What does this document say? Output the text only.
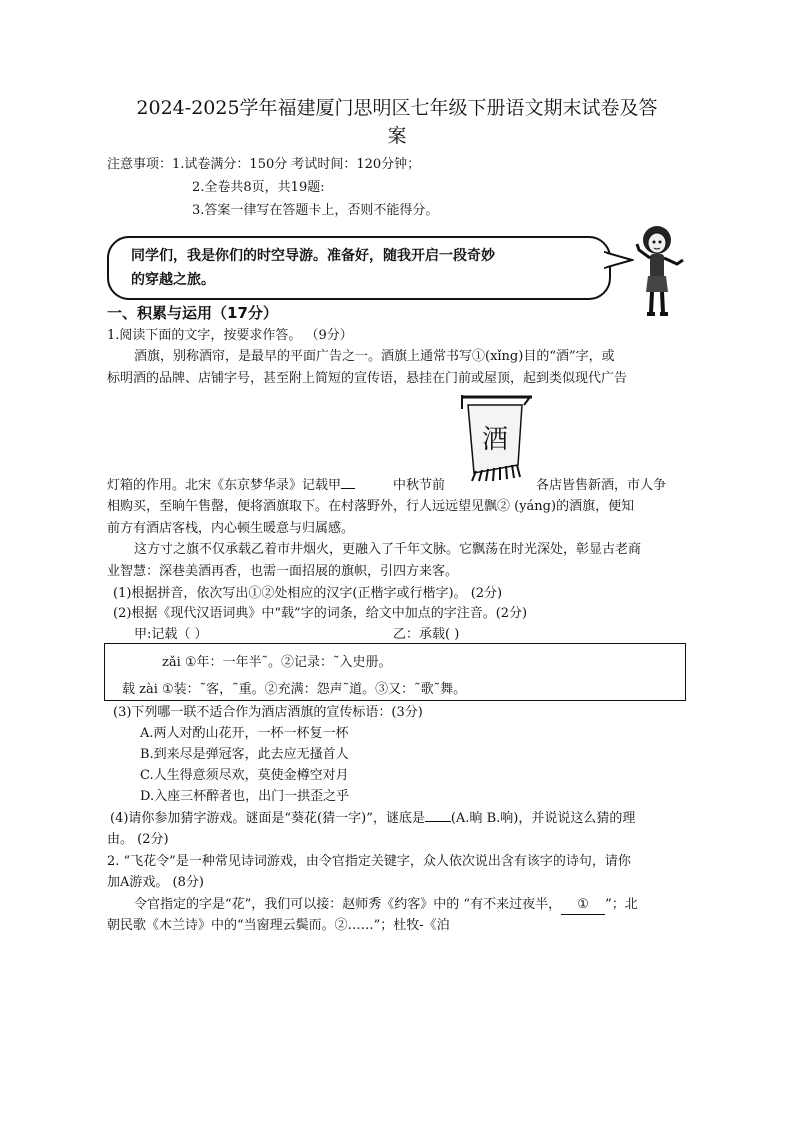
2024-2025学年福建厦门思明区七年级下册语文期末试卷及答
案
注意事项：1.试卷满分：150分 考试时间：120分钟；
2.全卷共8页，共19题:
3.答案一律写在答题卡上，否则不能得分。
同学们，我是你们的时空导游。准备好，随我开启一段奇妙
的穿越之旅。
一、积累与运用（17分）
1.阅读下面的文字，按要求作答。 （9分）
酒旗，别称酒帘，是最早的平面广告之一。酒旗上通常书写①(xǐng)目的“酒”字，或
标明酒的品牌、店铺字号，甚至附上简短的宣传语，悬挂在门前或屋顶，起到类似现代广告
酒
灯箱的作用。北宋《东京梦华录》记载甲	中秋节前	各店皆售新酒，市人争
相购买，至晌午售罄，便将酒旗取下。在村落野外，行人远远望见飘② (yáng)的酒旗，便知
前方有酒店客栈，内心顿生暖意与归属感。
这方寸之旗不仅承载乙着市井烟火，更融入了千年文脉。它飘荡在时光深处，彰显古老商
业智慧：深巷美酒再香，也需一面招展的旗帜，引四方来客。
(1)根据拼音，依次写出①②处相应的汉字(正楷字或行楷字)。 (2分)
(2)根据《现代汉语词典》中“载”字的词条，给文中加点的字注音。(2分)
甲:记载（ ）	乙：承载( )
zǎi ①年：一年半˜。②记录：˜入史册。
载 zài ①装：˜客，˜重。②充满：怨声˜道。③又：˜歌˜舞。
(3)下列哪一联不适合作为酒店酒旗的宣传标语：(3分)
A.两人对酌山花开，一杯一杯复一杯
B.到来尽是弹冠客，此去应无搔首人
C.人生得意须尽欢，莫使金樽空对月
D.入座三杯醉者也，出门一拱歪之乎
(4)请你参加猜字游戏。谜面是“葵花(猜一字)”，谜底是 (A.晌 B.响)，并说说这么猜的理
由。 (2分)
2. “飞花令”是一种常见诗词游戏，由令官指定关键字，众人依次说出含有该字的诗句，请你
加A游戏。 (8分)
令官指定的字是“花”，我们可以接：赵师秀《约客》中的 “有不来过夜半， ① ”；北
朝民歌《木兰诗》中的“当窗理云鬓而。②……”；杜牧-《泊
